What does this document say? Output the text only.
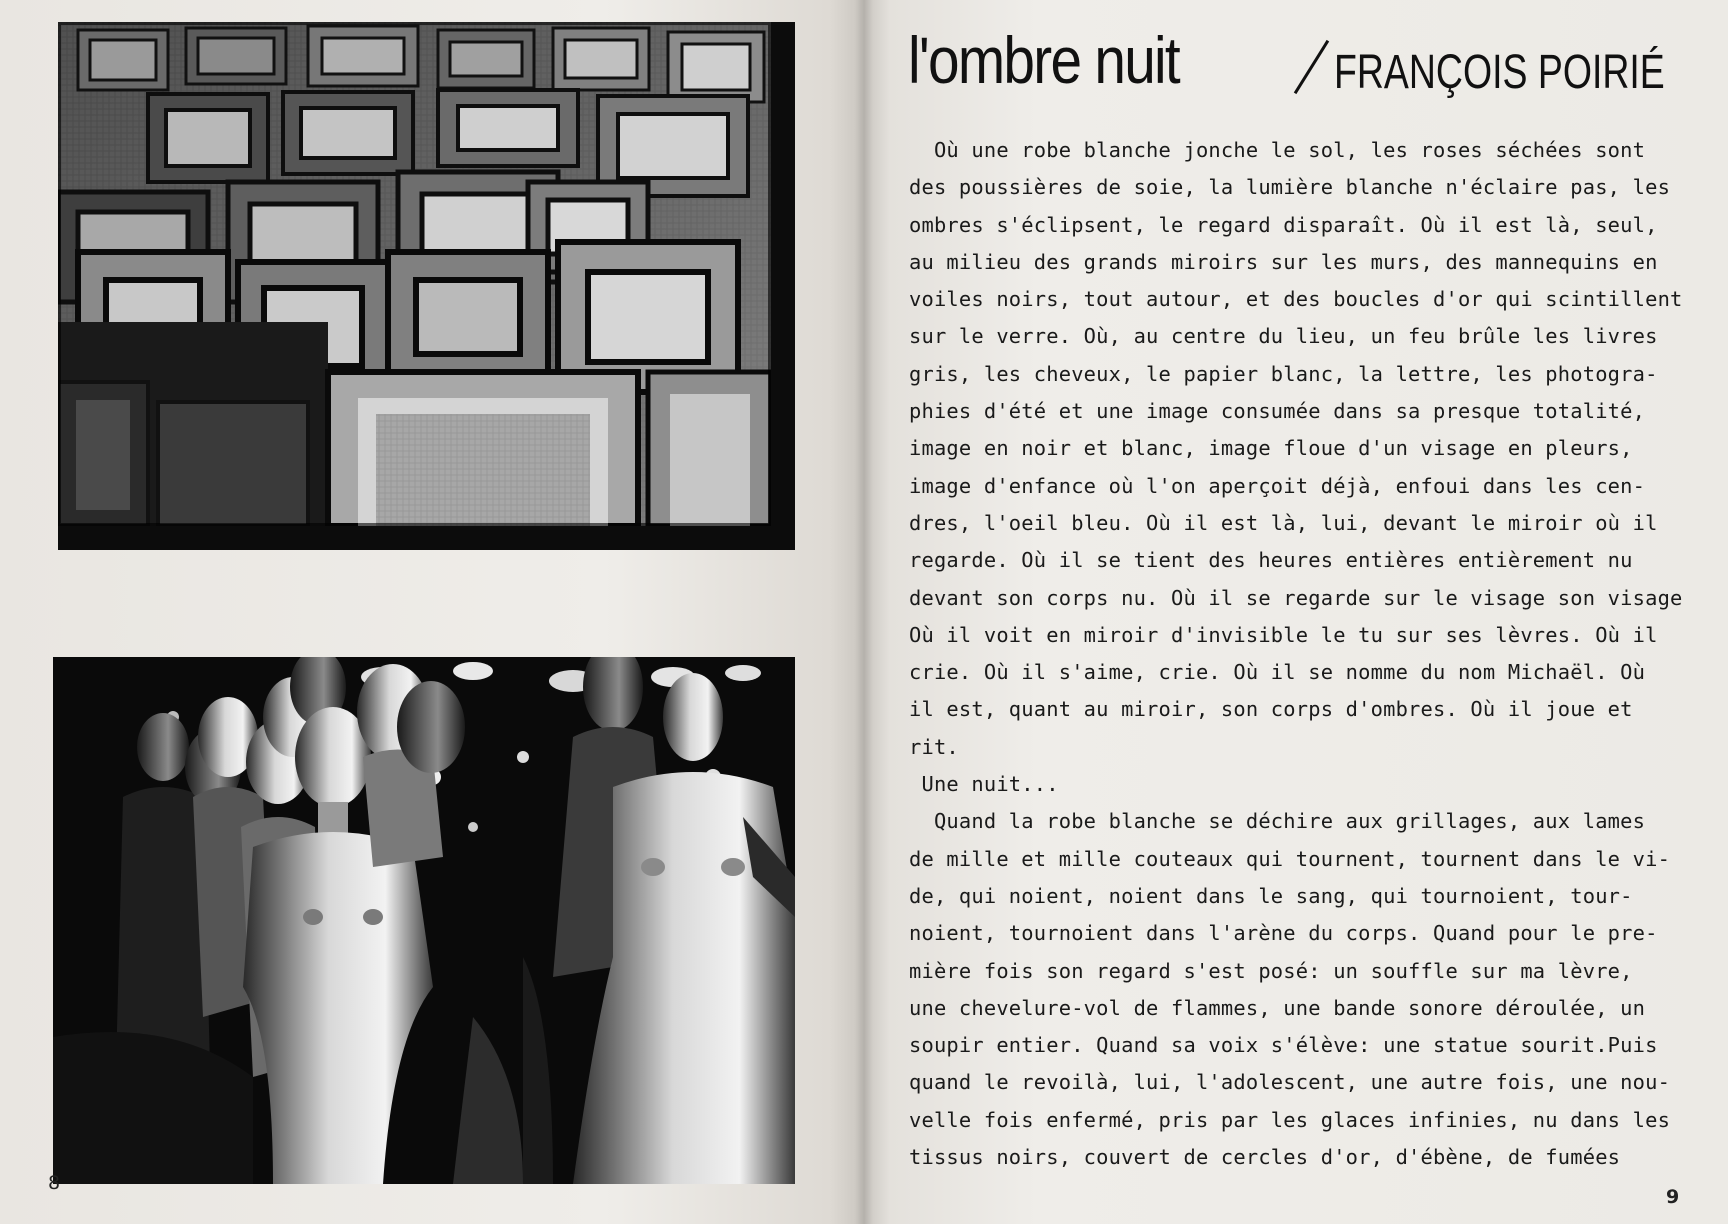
8
l'ombre nuit	FRANÇOIS POIRIÉ
Où une robe blanche jonche le sol, les roses séchées sont
des poussières de soie, la lumière blanche n'éclaire pas, les
ombres s'éclipsent, le regard disparaît. Où il est là, seul,
au milieu des grands miroirs sur les murs, des mannequins en
voiles noirs, tout autour, et des boucles d'or qui scintillent
sur le verre. Où, au centre du lieu, un feu brûle les livres
gris, les cheveux, le papier blanc, la lettre, les photogra-
phies d'été et une image consumée dans sa presque totalité,
image en noir et blanc, image floue d'un visage en pleurs,
image d'enfance où l'on aperçoit déjà, enfoui dans les cen-
dres, l'oeil bleu. Où il est là, lui, devant le miroir où il
regarde. Où il se tient des heures entières entièrement nu
devant son corps nu. Où il se regarde sur le visage son visage
Où il voit en miroir d'invisible le tu sur ses lèvres. Où il
crie. Où il s'aime, crie. Où il se nomme du nom Michaël. Où
il est, quant au miroir, son corps d'ombres. Où il joue et
rit.
Une nuit...
Quand la robe blanche se déchire aux grillages, aux lames
de mille et mille couteaux qui tournent, tournent dans le vi-
de, qui noient, noient dans le sang, qui tournoient, tour-
noient, tournoient dans l'arène du corps. Quand pour le pre-
mière fois son regard s'est posé: un souffle sur ma lèvre,
une chevelure-vol de flammes, une bande sonore déroulée, un
soupir entier. Quand sa voix s'élève: une statue sourit.Puis
quand le revoilà, lui, l'adolescent, une autre fois, une nou-
velle fois enfermé, pris par les glaces infinies, nu dans les
tissus noirs, couvert de cercles d'or, d'ébène, de fumées
9
